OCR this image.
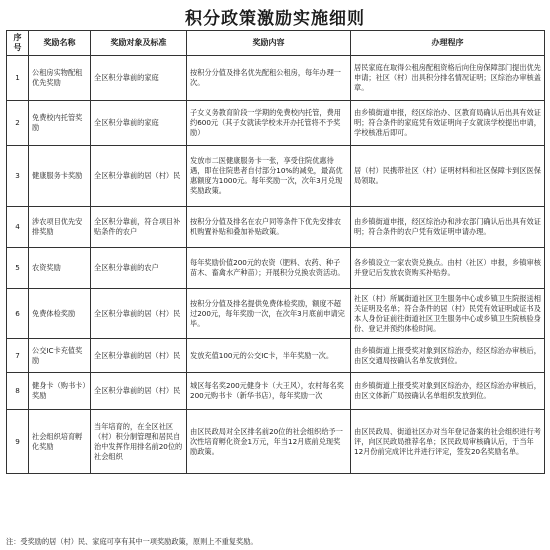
积分政策激励实施细则
序号	奖励名称	奖励对象及标准	奖励内容	办理程序
1	公租房实物配租优先奖励	全区积分靠前的家庭	按积分分值及排名优先配租公租房，每年办理一次。	居民家庭在取得公租房配租资格后向住房保障部门提出优先申请；社区（村）出具积分排名情况证明；区综治办审核盖章。
2	免费校内托管奖励	全区积分靠前的家庭	子女义务教育阶段一学期的免费校内托管，费用约600元（其子女就读学校未开办托管将不予奖励）	由乡镇街道申报，经区综治办、区教育局确认后出具有效证明；符合条件的家庭凭有效证明向子女就读学校提出申请，学校核准后即可。
3	健康服务卡奖励	全区积分靠前的居（村）民	发放市二医健康服务卡一张，享受住院优惠待遇，即在住院患者自付部分10%的减免，最高优惠额度为1000元。每年奖励一次，次年3月兑现奖励政策。	居（村）民携带社区（村）证明材料和社区保障卡到区医保局领取。
4	涉农项目优先安排奖励	全区积分靠前，符合项目补贴条件的农户	按积分分值及排名在农户同等条件下优先安排农机购置补贴和叠加补贴政策。	由乡镇街道申报，经区综治办和涉农部门确认后出具有效证明；符合条件的农户凭有效证明申请办理。
5	农资奖励	全区积分靠前的农户	每年奖励价值200元的农资（肥料、农药、种子苗木、畜禽水产种苗）；开展积分兑换农资活动。	各乡镇设立一家农资兑换点。由村（社区）申报，乡镇审核并登记后发放农资购买补贴券。
6	免费体检奖励	全区积分靠前的居（村）民	按积分分值及排名提供免费体检奖励，额度不超过200元，每年奖励一次，在次年3月底前申请完毕。	社区（村）所属街道社区卫生服务中心或乡镇卫生院报送相关证明及名单；符合条件的居（村）民凭有效证明或证书及本人身份证前往街道社区卫生服务中心或乡镇卫生院核验身份、登记并预约体检时间。
7	公交IC卡充值奖励	全区积分靠前的居（村）民	发放充值100元的公交IC卡，半年奖励一次。	由乡镇街道上报受奖对象到区综治办，经区综治办审核后，由区交通局按确认名单发放到位。
8	健身卡（购书卡）奖励	全区积分靠前的居（村）民	城区每名奖200元健身卡（大王风），农村每名奖200元购书卡（新华书店），每年奖励一次	由乡镇街道上报受奖对象到区综治办，经区综治办审核后，由区文体新广局按确认名单组织发放到位。
9	社会组织培育孵化奖励	当年培育的，在全区社区（村）积分制管理和居民自治中发挥作用排名前20位的社会组织	由区民政局对全区排名前20位的社会组织给予一次性培育孵化资金1万元，年当12月底前兑现奖励政策。	由区民政局、街道社区办对当年登记备案的社会组织进行考评，向区民政局推荐名单；区民政局审核确认后，于当年12月份前完成评比并进行评定，签发20名奖励名单。
注：受奖励的居（村）民、家庭可享有其中一项奖励政策，原则上不重复奖励。
